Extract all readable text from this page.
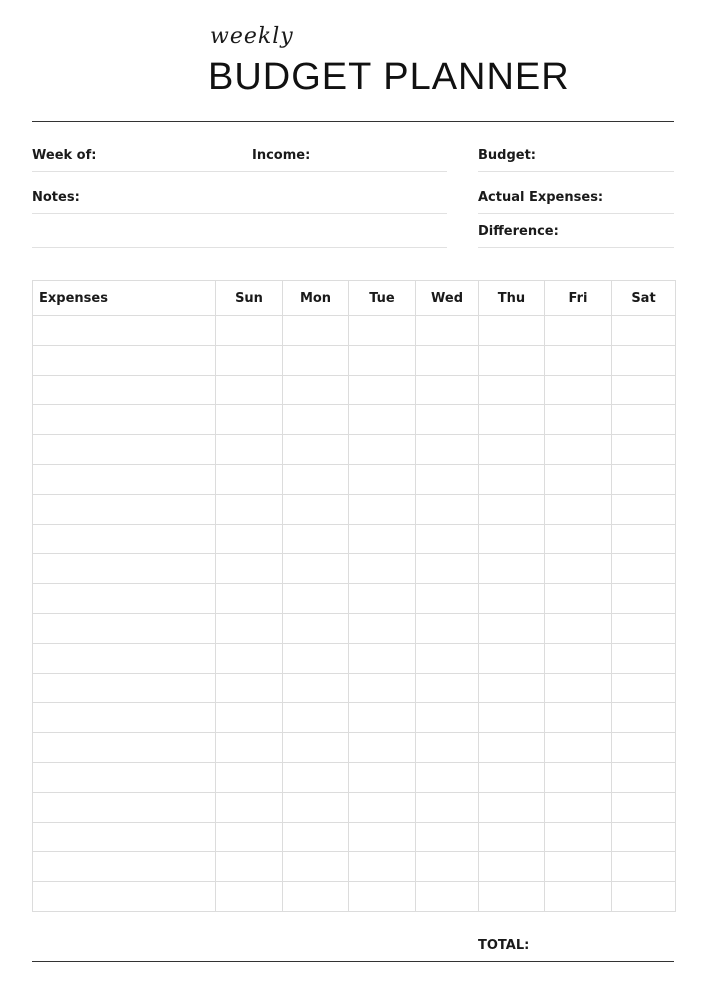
weekly
BUDGET PLANNER
Week of:	Income:	Budget:
Notes:	Actual Expenses:
Difference:
Expenses	Sun	Mon	Tue	Wed	Thu	Fri	Sat

TOTAL:
